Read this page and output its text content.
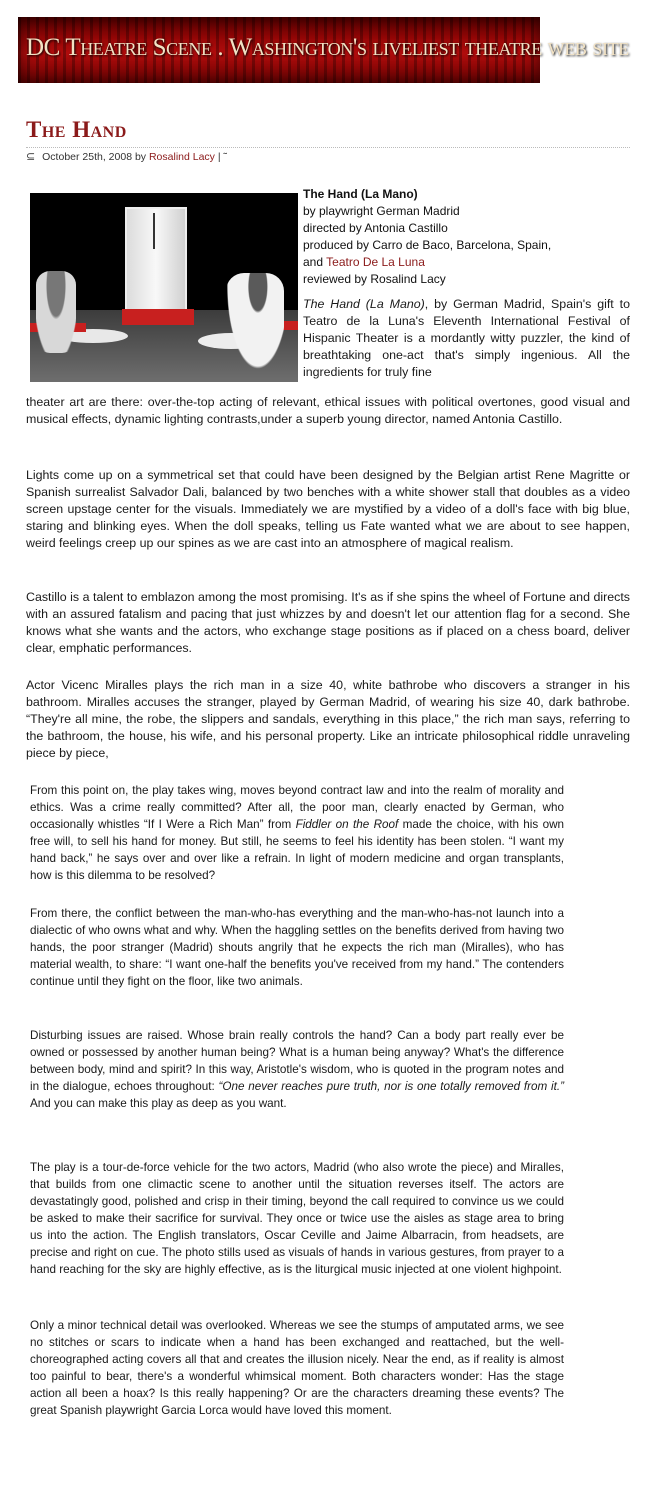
DC Theatre Scene . Washington's liveliest theatre web site
The Hand
⊆ October 25th, 2008 by Rosalind Lacy | ˜
The Hand (La Mano)
by playwright German Madrid
directed by Antonia Castillo
produced by Carro de Baco, Barcelona, Spain,
and Teatro De La Luna
reviewed by Rosalind Lacy

The Hand (La Mano), by German Madrid, Spain's gift to Teatro de la Luna's Eleventh International Festival of Hispanic Theater is a mordantly witty puzzler, the kind of breathtaking one-act that's simply ingenious. All the ingredients for truly fine

theater art are there: over-the-top acting of relevant, ethical issues with political overtones, good visual and musical effects, dynamic lighting contrasts,under a superb young director, named Antonia Castillo.

Lights come up on a symmetrical set that could have been designed by the Belgian artist Rene Magritte or Spanish surrealist Salvador Dali, balanced by two benches with a white shower stall that doubles as a video screen upstage center for the visuals. Immediately we are mystified by a video of a doll's face with big blue, staring and blinking eyes. When the doll speaks, telling us Fate wanted what we are about to see happen, weird feelings creep up our spines as we are cast into an atmosphere of magical realism.

Castillo is a talent to emblazon among the most promising. It's as if she spins the wheel of Fortune and directs with an assured fatalism and pacing that just whizzes by and doesn't let our attention flag for a second. She knows what she wants and the actors, who exchange stage positions as if placed on a chess board, deliver clear, emphatic performances.

Actor Vicenc Miralles plays the rich man in a size 40, white bathrobe who discovers a stranger in his bathroom. Miralles accuses the stranger, played by German Madrid, of wearing his size 40, dark bathrobe. “They're all mine, the robe, the slippers and sandals, everything in this place,” the rich man says, referring to the bathroom, the house, his wife, and his personal property. Like an intricate philosophical riddle unraveling piece by piece,

From this point on, the play takes wing, moves beyond contract law and into the realm of morality and ethics. Was a crime really committed? After all, the poor man, clearly enacted by German, who occasionally whistles “If I Were a Rich Man” from Fiddler on the Roof made the choice, with his own free will, to sell his hand for money. But still, he seems to feel his identity has been stolen. “I want my hand back,” he says over and over like a refrain. In light of modern medicine and organ transplants, how is this dilemma to be resolved?

From there, the conflict between the man-who-has everything and the man-who-has-not launch into a dialectic of who owns what and why. When the haggling settles on the benefits derived from having two hands, the poor stranger (Madrid) shouts angrily that he expects the rich man (Miralles), who has material wealth, to share: “I want one-half the benefits you've received from my hand.” The contenders continue until they fight on the floor, like two animals.

Disturbing issues are raised. Whose brain really controls the hand? Can a body part really ever be owned or possessed by another human being? What is a human being anyway? What's the difference between body, mind and spirit? In this way, Aristotle's wisdom, who is quoted in the program notes and in the dialogue, echoes throughout: “One never reaches pure truth, nor is one totally removed from it.” And you can make this play as deep as you want.

The play is a tour-de-force vehicle for the two actors, Madrid (who also wrote the piece) and Miralles, that builds from one climactic scene to another until the situation reverses itself. The actors are devastatingly good, polished and crisp in their timing, beyond the call required to convince us we could be asked to make their sacrifice for survival. They once or twice use the aisles as stage area to bring us into the action. The English translators, Oscar Ceville and Jaime Albarracin, from headsets, are precise and right on cue. The photo stills used as visuals of hands in various gestures, from prayer to a hand reaching for the sky are highly effective, as is the liturgical music injected at one violent highpoint.

Only a minor technical detail was overlooked. Whereas we see the stumps of amputated arms, we see no stitches or scars to indicate when a hand has been exchanged and reattached, but the well-choreographed acting covers all that and creates the illusion nicely. Near the end, as if reality is almost too painful to bear, there's a wonderful whimsical moment. Both characters wonder: Has the stage action all been a hoax? Is this really happening? Or are the characters dreaming these events? The great Spanish playwright Garcia Lorca would have loved this moment.
